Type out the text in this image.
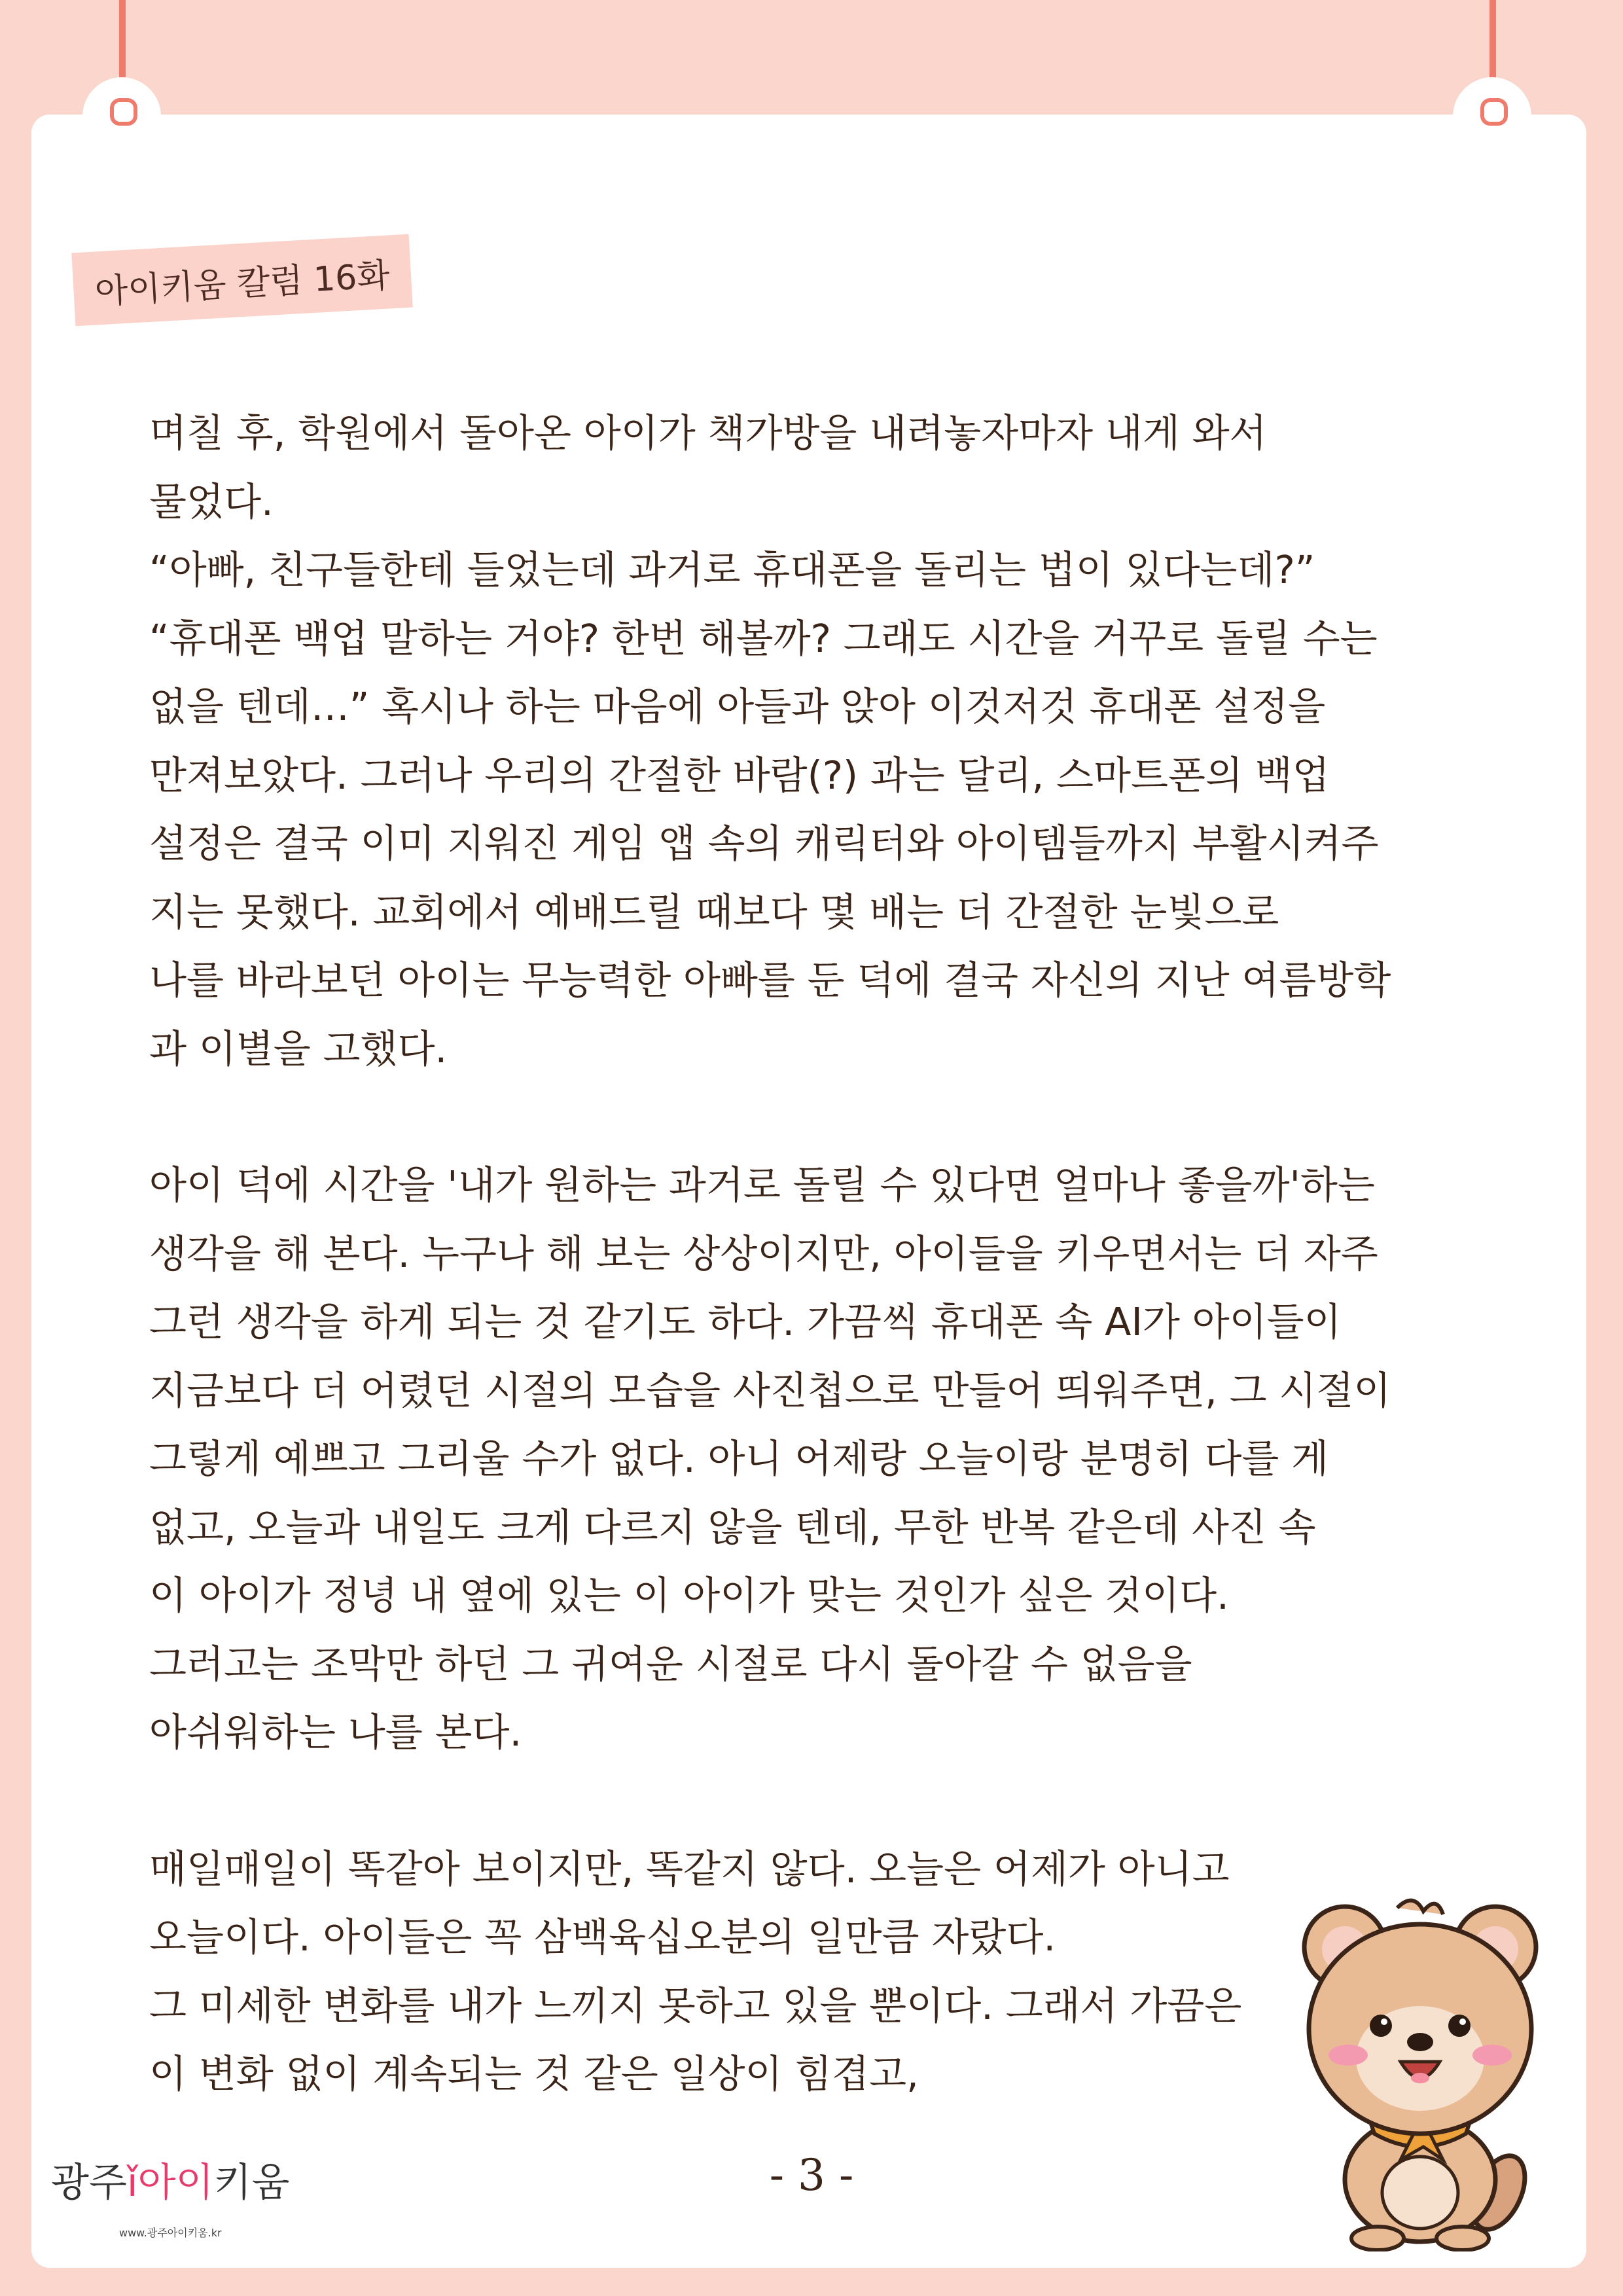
아이키움 칼럼 16화
며칠 후, 학원에서 돌아온 아이가 책가방을 내려놓자마자 내게 와서
물었다.
“아빠, 친구들한테 들었는데 과거로 휴대폰을 돌리는 법이 있다는데?”
“휴대폰 백업 말하는 거야? 한번 해볼까? 그래도 시간을 거꾸로 돌릴 수는
없을 텐데…” 혹시나 하는 마음에 아들과 앉아 이것저것 휴대폰 설정을
만져보았다. 그러나 우리의 간절한 바람(?) 과는 달리, 스마트폰의 백업
설정은 결국 이미 지워진 게임 앱 속의 캐릭터와 아이템들까지 부활시켜주
지는 못했다. 교회에서 예배드릴 때보다 몇 배는 더 간절한 눈빛으로
나를 바라보던 아이는 무능력한 아빠를 둔 덕에 결국 자신의 지난 여름방학
과 이별을 고했다.
아이 덕에 시간을 '내가 원하는 과거로 돌릴 수 있다면 얼마나 좋을까'하는
생각을 해 본다. 누구나 해 보는 상상이지만, 아이들을 키우면서는 더 자주
그런 생각을 하게 되는 것 같기도 하다. 가끔씩 휴대폰 속 AI가 아이들이
지금보다 더 어렸던 시절의 모습을 사진첩으로 만들어 띄워주면, 그 시절이
그렇게 예쁘고 그리울 수가 없다. 아니 어제랑 오늘이랑 분명히 다를 게
없고, 오늘과 내일도 크게 다르지 않을 텐데, 무한 반복 같은데 사진 속
이 아이가 정녕 내 옆에 있는 이 아이가 맞는 것인가 싶은 것이다.
그러고는 조막만 하던 그 귀여운 시절로 다시 돌아갈 수 없음을
아쉬워하는 나를 본다.
매일매일이 똑같아 보이지만, 똑같지 않다. 오늘은 어제가 아니고
오늘이다. 아이들은 꼭 삼백육십오분의 일만큼 자랐다.
그 미세한 변화를 내가 느끼지 못하고 있을 뿐이다. 그래서 가끔은
이 변화 없이 계속되는 것 같은 일상이 힘겹고,
- 3 -
광주ǐ아이키움
www.광주아이키움.kr
